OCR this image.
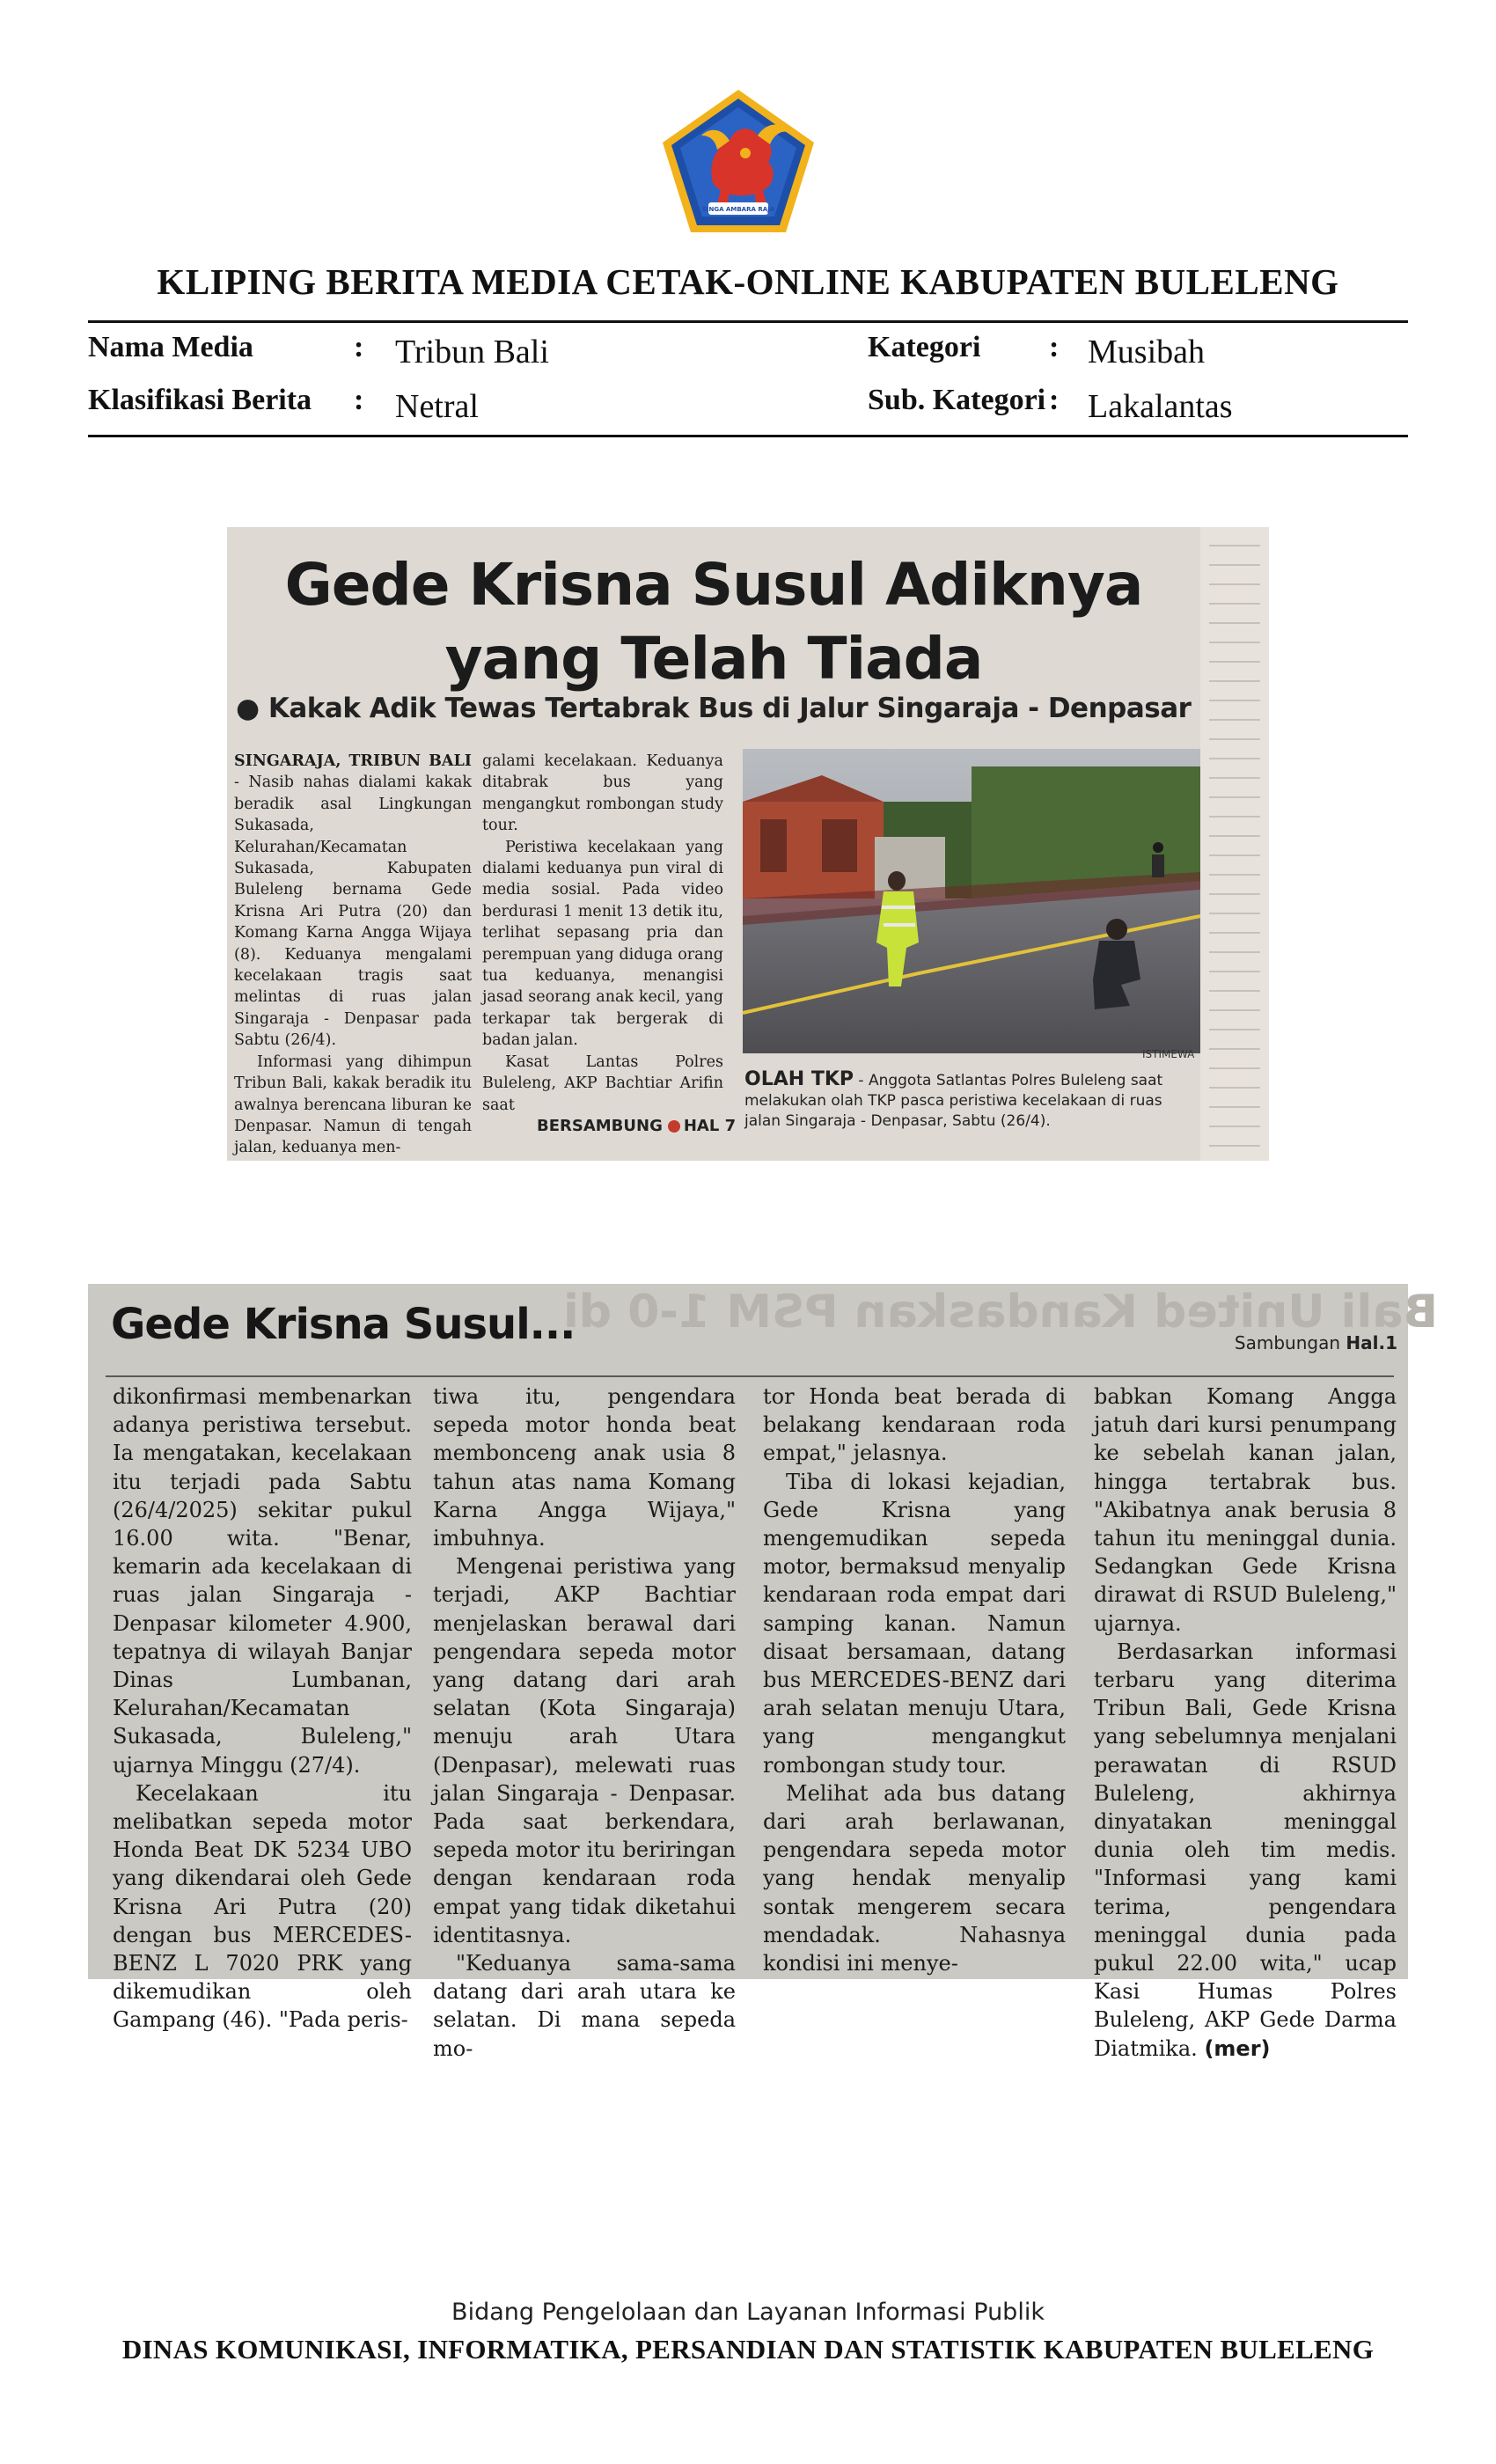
SINGA AMBARA RAJA
KLIPING BERITA MEDIA CETAK-ONLINE KABUPATEN BULELENG
Nama Media	: Tribun Bali
Klasifikasi Berita : Netral
Kategori : Musibah
Sub. Kategori : Lakalantas
Gede Krisna Susul Adiknya
yang Telah Tiada
● Kakak Adik Tewas Tertabrak Bus di Jalur Singaraja - Denpasar
SINGARAJA, TRIBUN BALI - Nasib nahas dialami kakak beradik asal Lingkungan Sukasada, Kelurahan/Kecamatan Sukasada, Kabupaten Buleleng bernama Gede Krisna Ari Putra (20) dan Komang Karna Angga Wijaya (8). Keduanya mengalami kecelakaan tragis saat melintas di ruas jalan Singaraja - Denpasar pada Sabtu (26/4).
Informasi yang dihimpun Tribun Bali, kakak beradik itu awalnya berencana liburan ke Denpasar. Namun di tengah jalan, keduanya men-
galami kecelakaan. Keduanya ditabrak bus yang mengangkut rombongan study tour.
Peristiwa kecelakaan yang dialami keduanya pun viral di media sosial. Pada video berdurasi 1 menit 13 detik itu, terlihat sepasang pria dan perempuan yang diduga orang tua keduanya, menangisi jasad seorang anak kecil, yang terkapar tak bergerak di badan jalan.
Kasat Lantas Polres Buleleng, AKP Bachtiar Arifin saat
ISTIMEWA
OLAH TKP - Anggota Satlantas Polres Buleleng saat melakukan olah TKP pasca peristiwa kecelakaan di ruas jalan Singaraja - Denpasar, Sabtu (26/4).
BERSAMBUNG HAL 7
Bali United Kandaskan PSM 1-0 di
Gede Krisna Susul...	Sambungan Hal.1
dikonfirmasi membenarkan adanya peristiwa tersebut. Ia mengatakan, kecelakaan itu terjadi pada Sabtu (26/4/2025) sekitar pukul 16.00 wita. "Benar, kemarin ada kecelakaan di ruas jalan Singaraja - Denpasar kilometer 4.900, tepatnya di wilayah Banjar Dinas Lumbanan, Kelurahan/Kecamatan Sukasada, Buleleng," ujarnya Minggu (27/4).
Kecelakaan itu melibatkan sepeda motor Honda Beat DK 5234 UBO yang dikendarai oleh Gede Krisna Ari Putra (20) dengan bus MERCEDES-BENZ L 7020 PRK yang dikemudikan oleh Gampang (46). "Pada peris-
tiwa itu, pengendara sepeda motor honda beat membonceng anak usia 8 tahun atas nama Komang Karna Angga Wijaya," imbuhnya.
Mengenai peristiwa yang terjadi, AKP Bachtiar menjelaskan berawal dari pengendara sepeda motor yang datang dari arah selatan (Kota Singaraja) menuju arah Utara (Denpasar), melewati ruas jalan Singaraja - Denpasar. Pada saat berkendara, sepeda motor itu beriringan dengan kendaraan roda empat yang tidak diketahui identitasnya.
"Keduanya sama-sama datang dari arah utara ke selatan. Di mana sepeda mo-
tor Honda beat berada di belakang kendaraan roda empat," jelasnya.
Tiba di lokasi kejadian, Gede Krisna yang mengemudikan sepeda motor, bermaksud menyalip kendaraan roda empat dari samping kanan. Namun disaat bersamaan, datang bus MERCEDES-BENZ dari arah selatan menuju Utara, yang mengangkut rombongan study tour.
Melihat ada bus datang dari arah berlawanan, pengendara sepeda motor yang hendak menyalip sontak mengerem secara mendadak. Nahasnya kondisi ini menye-
babkan Komang Angga jatuh dari kursi penumpang ke sebelah kanan jalan, hingga tertabrak bus. "Akibatnya anak berusia 8 tahun itu meninggal dunia. Sedangkan Gede Krisna dirawat di RSUD Buleleng," ujarnya.
Berdasarkan informasi terbaru yang diterima Tribun Bali, Gede Krisna yang sebelumnya menjalani perawatan di RSUD Buleleng, akhirnya dinyatakan meninggal dunia oleh tim medis. "Informasi yang kami terima, pengendara meninggal dunia pada pukul 22.00 wita," ucap Kasi Humas Polres Buleleng, AKP Gede Darma Diatmika. (mer)
Bidang Pengelolaan dan Layanan Informasi Publik
DINAS KOMUNIKASI, INFORMATIKA, PERSANDIAN DAN STATISTIK KABUPATEN BULELENG
